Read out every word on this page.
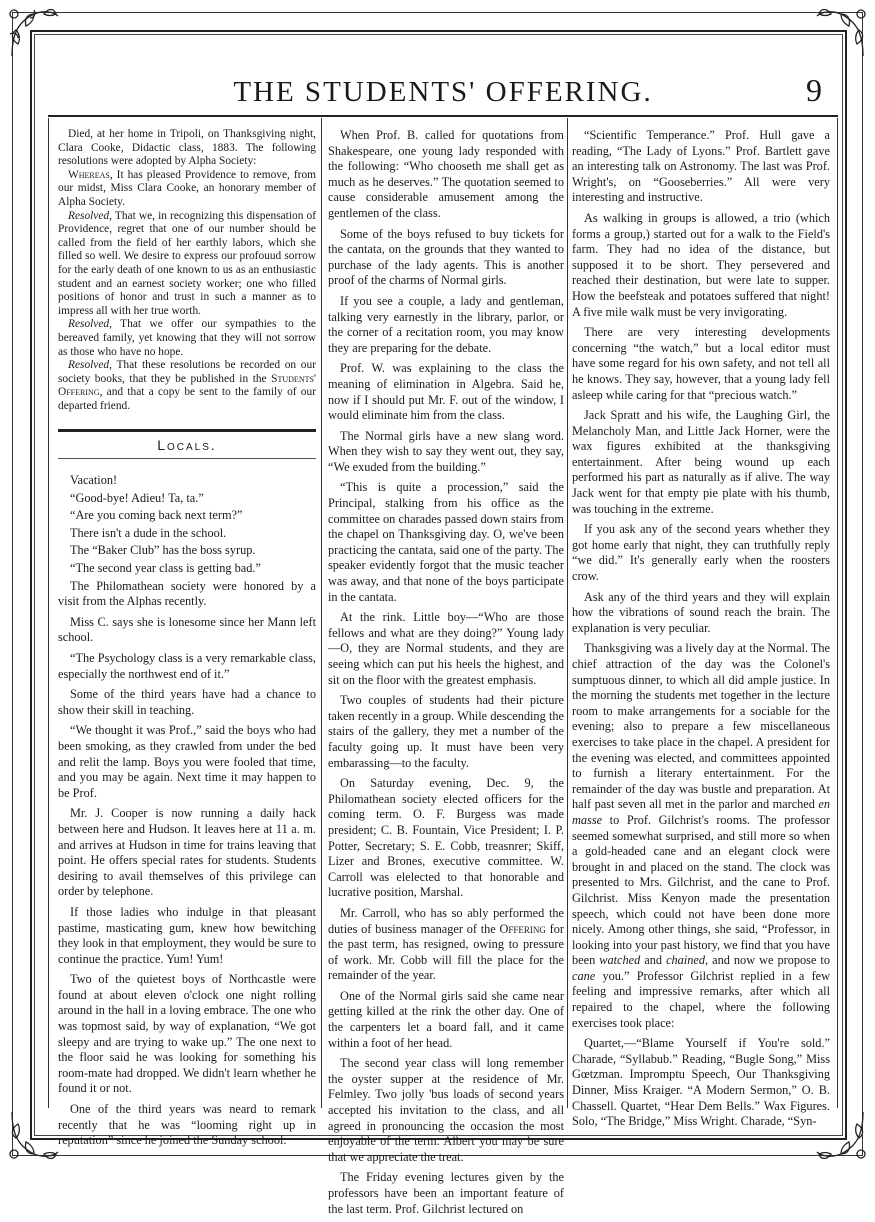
THE STUDENTS' OFFERING.	9

Died, at her home in Tripoli, on Thanksgiving night, Clara Cooke, Didactic class, 1883. The following resolutions were adopted by Alpha Society:

Whereas, It has pleased Providence to remove, from our midst, Miss Clara Cooke, an honorary member of Alpha Society.

Resolved, That we, in recognizing this dispensation of Providence, regret that one of our number should be called from the field of her earthly labors, which she filled so well. We desire to express our profouud sorrow for the early death of one known to us as an enthusiastic student and an earnest society worker; one who filled positions of honor and trust in such a manner as to impress all with her true worth.

Resolved, That we offer our sympathies to the bereaved family, yet knowing that they will not sorrow as those who have no hope.

Resolved, That these resolutions be recorded on our society books, that they be published in the Students' Offering, and that a copy be sent to the family of our departed friend.

Locals.

Vacation!

“Good-bye! Adieu! Ta, ta.”

“Are you coming back next term?”

There isn't a dude in the school.

The “Baker Club” has the boss syrup.

“The second year class is getting bad.”

The Philomathean society were honored by a visit from the Alphas recently.

Miss C. says she is lonesome since her Mann left school.

“The Psychology class is a very remarkable class, especially the northwest end of it.”

Some of the third years have had a chance to show their skill in teaching.

“We thought it was Prof.,” said the boys who had been smoking, as they crawled from under the bed and relit the lamp. Boys you were fooled that time, and you may be again. Next time it may happen to be Prof.

Mr. J. Cooper is now running a daily hack between here and Hudson. It leaves here at 11 a. m. and arrives at Hudson in time for trains leaving that point. He offers special rates for students. Students desiring to avail themselves of this privilege can order by telephone.

If those ladies who indulge in that pleasant pastime, masticating gum, knew how bewitching they look in that employment, they would be sure to continue the practice. Yum! Yum!

Two of the quietest boys of Northcastle were found at about eleven o'clock one night rolling around in the hall in a loving embrace. The one who was topmost said, by way of explanation, “We got sleepy and are trying to wake up.” The one next to the floor said he was looking for something his room-mate had dropped. We didn't learn whether he found it or not.

One of the third years was neard to remark recently that he was “looming right up in reputation” since he joined the Sunday school.

When Prof. B. called for quotations from Shakespeare, one young lady responded with the following: “Who chooseth me shall get as much as he deserves.” The quotation seemed to cause considerable amusement among the gentlemen of the class.

Some of the boys refused to buy tickets for the cantata, on the grounds that they wanted to purchase of the lady agents. This is another proof of the charms of Normal girls.

If you see a couple, a lady and gentleman, talking very earnestly in the library, parlor, or the corner of a recitation room, you may know they are preparing for the debate.

Prof. W. was explaining to the class the meaning of elimination in Algebra. Said he, now if I should put Mr. F. out of the window, I would eliminate him from the class.

The Normal girls have a new slang word. When they wish to say they went out, they say, “We exuded from the building.”

“This is quite a procession,” said the Principal, stalking from his office as the committee on charades passed down stairs from the chapel on Thanksgiving day. O, we've been practicing the cantata, said one of the party. The speaker evidently forgot that the music teacher was away, and that none of the boys participate in the cantata.

At the rink. Little boy—“Who are those fellows and what are they doing?” Young lady—O, they are Normal students, and they are seeing which can put his heels the highest, and sit on the floor with the greatest emphasis.

Two couples of students had their picture taken recently in a group. While descending the stairs of the gallery, they met a number of the faculty going up. It must have been very embarassing—to the faculty.

On Saturday evening, Dec. 9, the Philomathean society elected officers for the coming term. O. F. Burgess was made president; C. B. Fountain, Vice President; I. P. Potter, Secretary; S. E. Cobb, treasnrer; Skiff, Lizer and Brones, executive committee. W. Carroll was elelected to that honorable and lucrative position, Marshal.

Mr. Carroll, who has so ably performed the duties of business manager of the Offering for the past term, has resigned, owing to pressure of work. Mr. Cobb will fill the place for the remainder of the year.

One of the Normal girls said she came near getting killed at the rink the other day. One of the carpenters let a board fall, and it came within a foot of her head.

The second year class will long remember the oyster supper at the residence of Mr. Felmley. Two jolly 'bus loads of second years accepted his invitation to the class, and all agreed in pronouncing the occasion the most enjoyable of the term. Albert you may be sure that we appreciate the treat.

The Friday evening lectures given by the professors have been an important feature of the last term. Prof. Gilchrist lectured on

“Scientific Temperance.” Prof. Hull gave a reading, “The Lady of Lyons.” Prof. Bartlett gave an interesting talk on Astronomy. The last was Prof. Wright's, on “Gooseberries.” All were very interesting and instructive.

As walking in groups is allowed, a trio (which forms a group,) started out for a walk to the Field's farm. They had no idea of the distance, but supposed it to be short. They persevered and reached their destination, but were late to supper. How the beefsteak and potatoes suffered that night! A five mile walk must be very invigorating.

There are very interesting developments concerning “the watch,” but a local editor must have some regard for his own safety, and not tell all he knows. They say, however, that a young lady fell asleep while caring for that “precious watch.”

Jack Spratt and his wife, the Laughing Girl, the Melancholy Man, and Little Jack Horner, were the wax figures exhibited at the thanksgiving entertainment. After being wound up each performed his part as naturally as if alive. The way Jack went for that empty pie plate with his thumb, was touching in the extreme.

If you ask any of the second years whether they got home early that night, they can truthfully reply “we did.” It's generally early when the roosters crow.

Ask any of the third years and they will explain how the vibrations of sound reach the brain. The explanation is very peculiar.

Thanksgiving was a lively day at the Normal. The chief attraction of the day was the Colonel's sumptuous dinner, to which all did ample justice. In the morning the students met together in the lecture room to make arrangements for a sociable for the evening; also to prepare a few miscellaneous exercises to take place in the chapel. A president for the evening was elected, and committees appointed to furnish a literary entertainment. For the remainder of the day was bustle and preparation. At half past seven all met in the parlor and marched en masse to Prof. Gilchrist's rooms. The professor seemed somewhat surprised, and still more so when a gold-headed cane and an elegant clock were brought in and placed on the stand. The clock was presented to Mrs. Gilchrist, and the cane to Prof. Gilchrist. Miss Kenyon made the presentation speech, which could not have been done more nicely. Among other things, she said, “Professor, in looking into your past history, we find that you have been watched and chained, and now we propose to cane you.” Professor Gilchrist replied in a few feeling and impressive remarks, after which all repaired to the chapel, where the following exercises took place:

Quartet,—“Blame Yourself if You're sold.” Charade, “Syllabub.” Reading, “Bugle Song,” Miss Gœtzman. Impromptu Speech, Our Thanksgiving Dinner, Miss Kraiger. “A Modern Sermon,” O. B. Chassell. Quartet, “Hear Dem Bells.” Wax Figures. Solo, “The Bridge,” Miss Wright. Charade, “Syn-
